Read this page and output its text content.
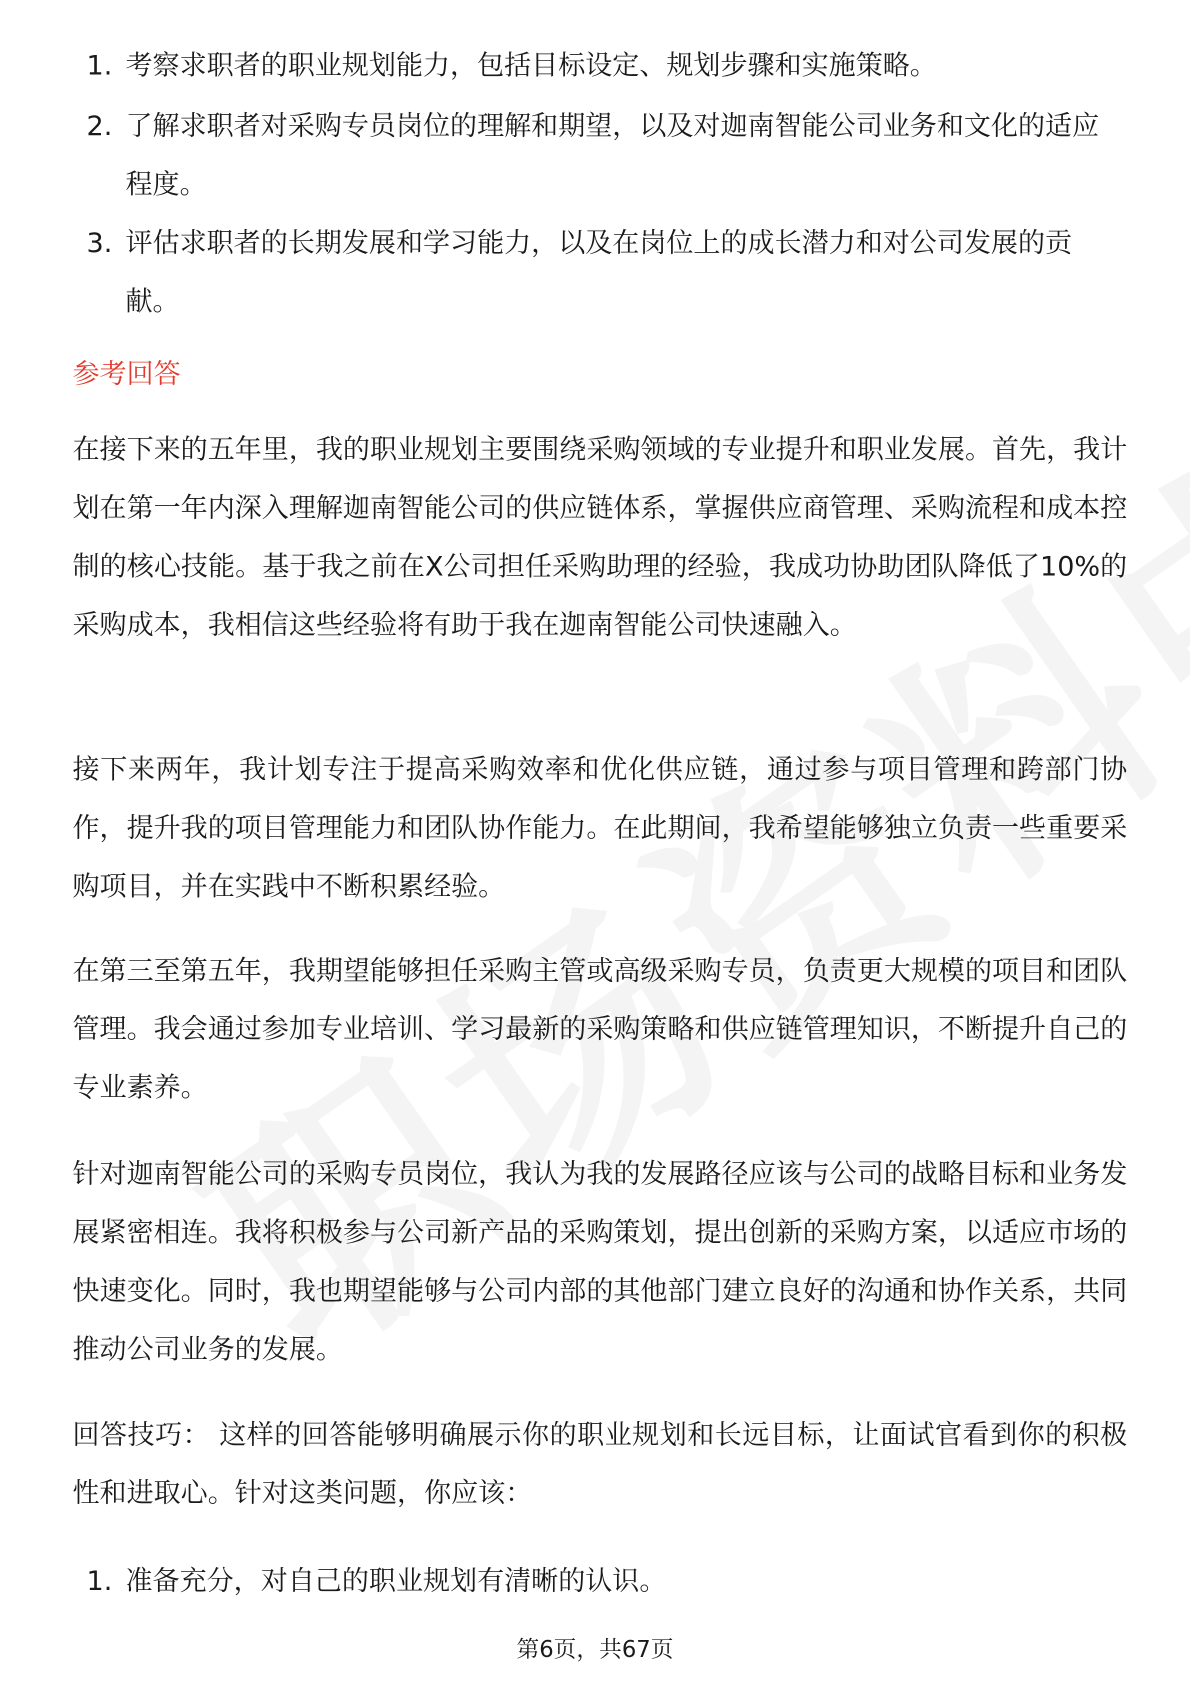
1. 考察求职者的职业规划能力，包括目标设定、规划步骤和实施策略。
2. 了解求职者对采购专员岗位的理解和期望，以及对迦南智能公司业务和文化的适应程度。
3. 评估求职者的长期发展和学习能力，以及在岗位上的成长潜力和对公司发展的贡献。
参考回答

在接下来的五年里，我的职业规划主要围绕采购领域的专业提升和职业发展。首先，我计划在第一年内深入理解迦南智能公司的供应链体系，掌握供应商管理、采购流程和成本控制的核心技能。基于我之前在X公司担任采购助理的经验，我成功协助团队降低了10%的采购成本，我相信这些经验将有助于我在迦南智能公司快速融入。

接下来两年，我计划专注于提高采购效率和优化供应链，通过参与项目管理和跨部门协作，提升我的项目管理能力和团队协作能力。在此期间，我希望能够独立负责一些重要采购项目，并在实践中不断积累经验。

在第三至第五年，我期望能够担任采购主管或高级采购专员，负责更大规模的项目和团队管理。我会通过参加专业培训、学习最新的采购策略和供应链管理知识，不断提升自己的专业素养。

针对迦南智能公司的采购专员岗位，我认为我的发展路径应该与公司的战略目标和业务发展紧密相连。我将积极参与公司新产品的采购策划，提出创新的采购方案，以适应市场的快速变化。同时，我也期望能够与公司内部的其他部门建立良好的沟通和协作关系，共同推动公司业务的发展。

回答技巧： 这样的回答能够明确展示你的职业规划和长远目标，让面试官看到你的积极性和进取心。针对这类问题，你应该：

1. 准备充分，对自己的职业规划有清晰的认识。
第6页，共67页
